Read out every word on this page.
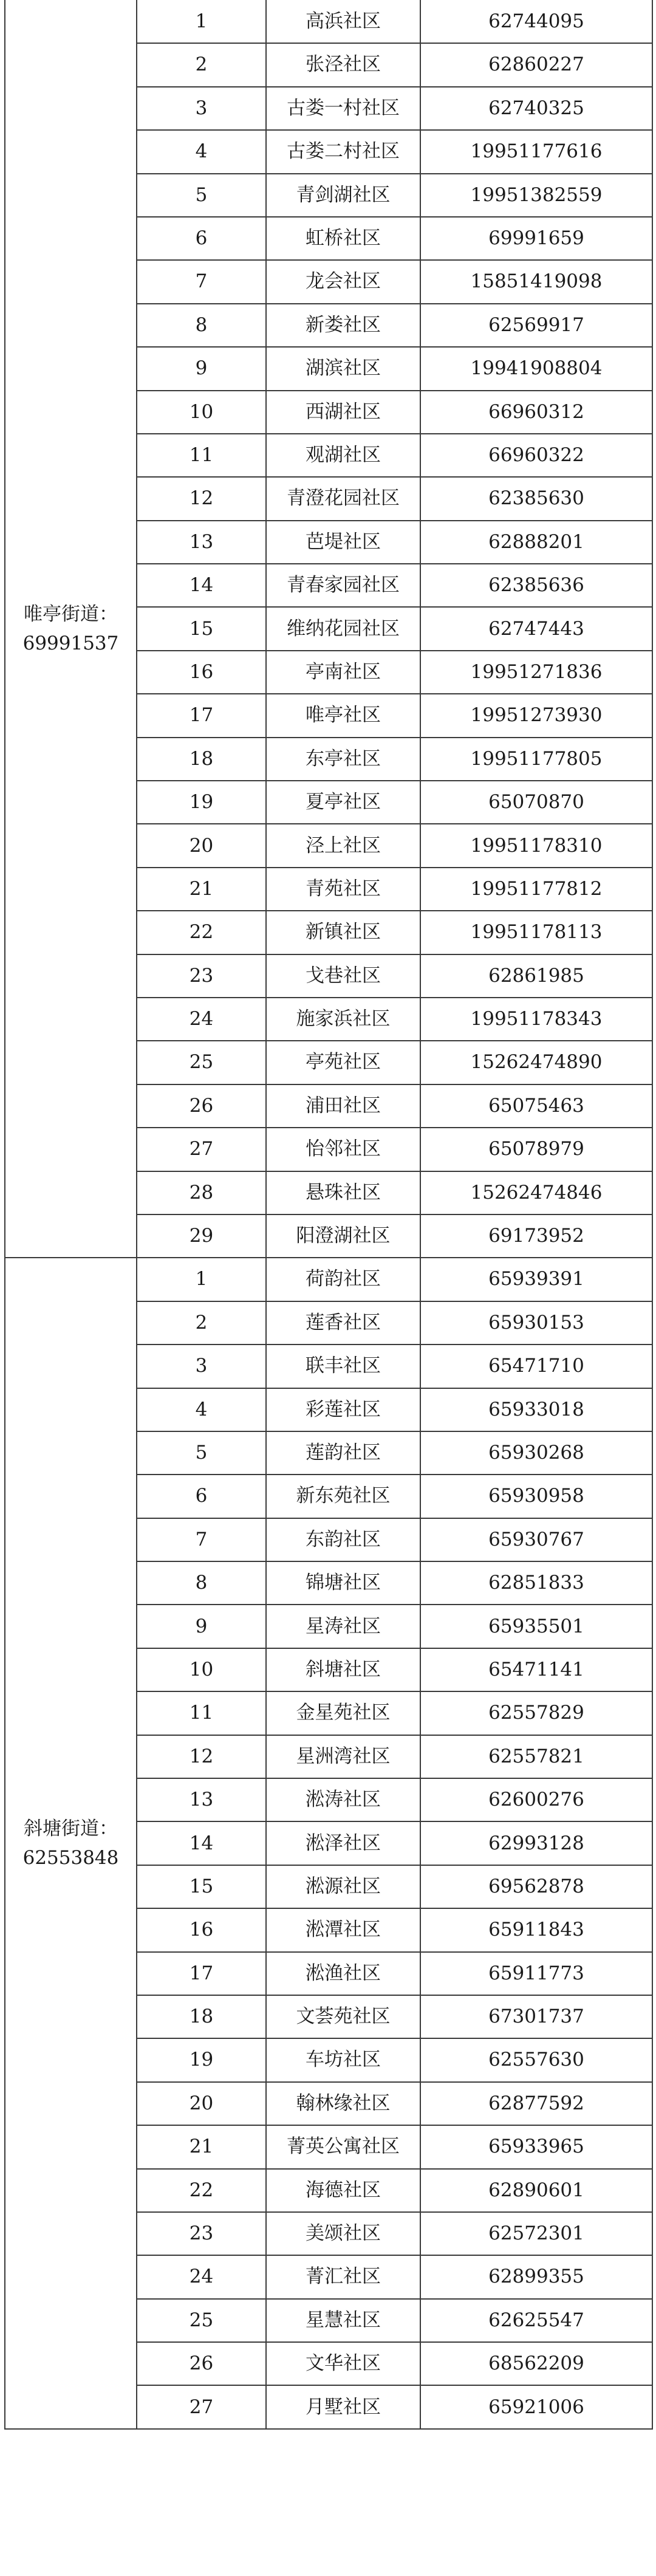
唯亭街道：
69991537	1	高浜社区	62744095
	2	张泾社区	62860227
	3	古娄一村社区	62740325
	4	古娄二村社区	19951177616
	5	青剑湖社区	19951382559
	6	虹桥社区	69991659
	7	龙会社区	15851419098
	8	新娄社区	62569917
	9	湖滨社区	19941908804
	10	西湖社区	66960312
	11	观湖社区	66960322
	12	青澄花园社区	62385630
	13	芭堤社区	62888201
	14	青春家园社区	62385636
	15	维纳花园社区	62747443
	16	亭南社区	19951271836
	17	唯亭社区	19951273930
	18	东亭社区	19951177805
	19	夏亭社区	65070870
	20	泾上社区	19951178310
	21	青苑社区	19951177812
	22	新镇社区	19951178113
	23	戈巷社区	62861985
	24	施家浜社区	19951178343
	25	亭苑社区	15262474890
	26	浦田社区	65075463
	27	怡邻社区	65078979
	28	悬珠社区	15262474846
	29	阳澄湖社区	69173952

斜塘街道：
62553848	1	荷韵社区	65939391
	2	莲香社区	65930153
	3	联丰社区	65471710
	4	彩莲社区	65933018
	5	莲韵社区	65930268
	6	新东苑社区	65930958
	7	东韵社区	65930767
	8	锦塘社区	62851833
	9	星涛社区	65935501
	10	斜塘社区	65471141
	11	金星苑社区	62557829
	12	星洲湾社区	62557821
	13	淞涛社区	62600276
	14	淞泽社区	62993128
	15	淞源社区	69562878
	16	淞潭社区	65911843
	17	淞渔社区	65911773
	18	文荟苑社区	67301737
	19	车坊社区	62557630
	20	翰林缘社区	62877592
	21	菁英公寓社区	65933965
	22	海德社区	62890601
	23	美颂社区	62572301
	24	菁汇社区	62899355
	25	星慧社区	62625547
	26	文华社区	68562209
	27	月墅社区	65921006
